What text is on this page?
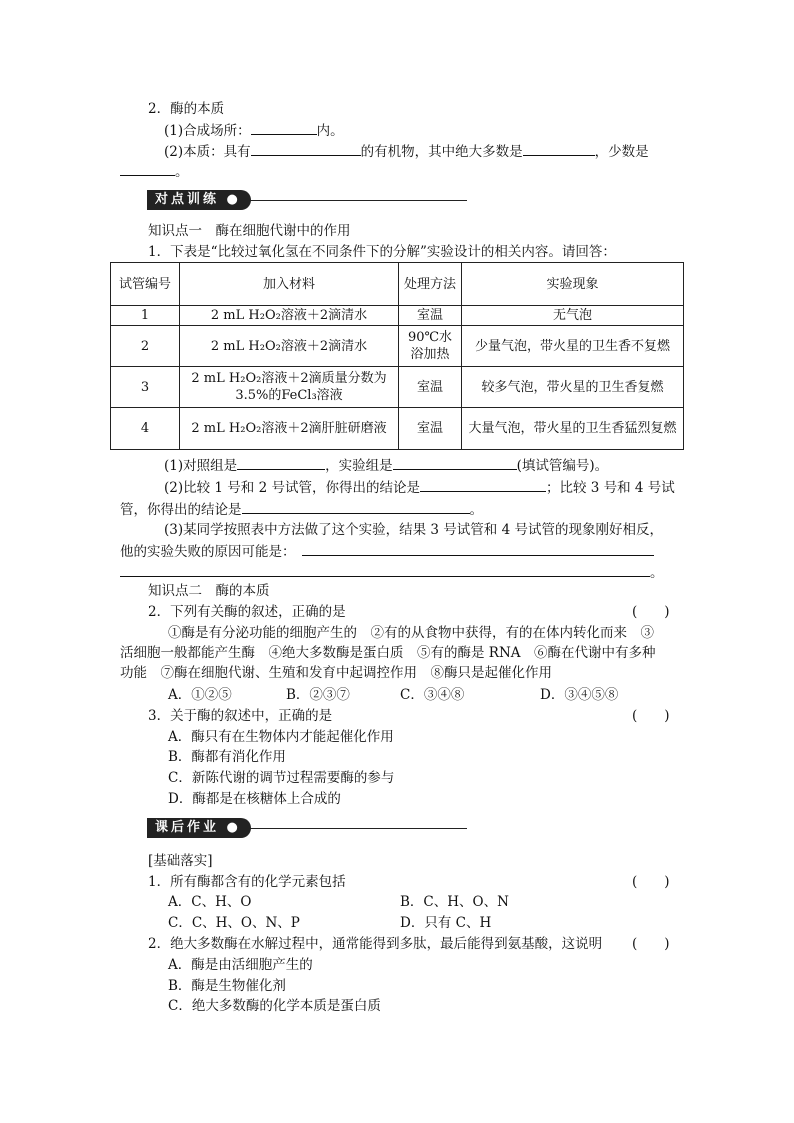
2．酶的本质
(1)合成场所：	内。
(2)本质：具有	的有机物，其中绝大多数是	，少数是
。
对点训练 ●
知识点一　酶在细胞代谢中的作用
1．下表是“比较过氧化氢在不同条件下的分解”实验设计的相关内容。请回答：
试管编号	加入材料	处理方法	实验现象
1	2 mL H₂O₂溶液＋2滴清水	室温	无气泡
2	2 mL H₂O₂溶液＋2滴清水	90℃水浴加热	少量气泡，带火星的卫生香不复燃
3	2 mL H₂O₂溶液＋2滴质量分数为3.5%的FeCl₃溶液	室温	较多气泡，带火星的卫生香复燃
4	2 mL H₂O₂溶液＋2滴肝脏研磨液	室温	大量气泡，带火星的卫生香猛烈复燃
(1)对照组是	，实验组是	(填试管编号)。
(2)比较 1 号和 2 号试管，你得出的结论是	；比较 3 号和 4 号试
管，你得出的结论是	。
(3)某同学按照表中方法做了这个实验，结果 3 号试管和 4 号试管的现象刚好相反，
他的实验失败的原因可能是：
。
知识点二　酶的本质
2．下列有关酶的叙述，正确的是	(　　)
①酶是有分泌功能的细胞产生的　②有的从食物中获得，有的在体内转化而来　③
活细胞一般都能产生酶　④绝大多数酶是蛋白质　⑤有的酶是 RNA　⑥酶在代谢中有多种
功能　⑦酶在细胞代谢、生殖和发育中起调控作用　⑧酶只是起催化作用
A．①②⑤	B．②③⑦	C．③④⑧	D．③④⑤⑧
3．关于酶的叙述中，正确的是	(　　)
A．酶只有在生物体内才能起催化作用
B．酶都有消化作用
C．新陈代谢的调节过程需要酶的参与
D．酶都是在核糖体上合成的
课后作业 ●
[基础落实]
1．所有酶都含有的化学元素包括	(　　)
A．C、H、O	B．C、H、O、N
C．C、H、O、N、P	D．只有 C、H
2．绝大多数酶在水解过程中，通常能得到多肽，最后能得到氨基酸，这说明 (　　)
A．酶是由活细胞产生的
B．酶是生物催化剂
C．绝大多数酶的化学本质是蛋白质
